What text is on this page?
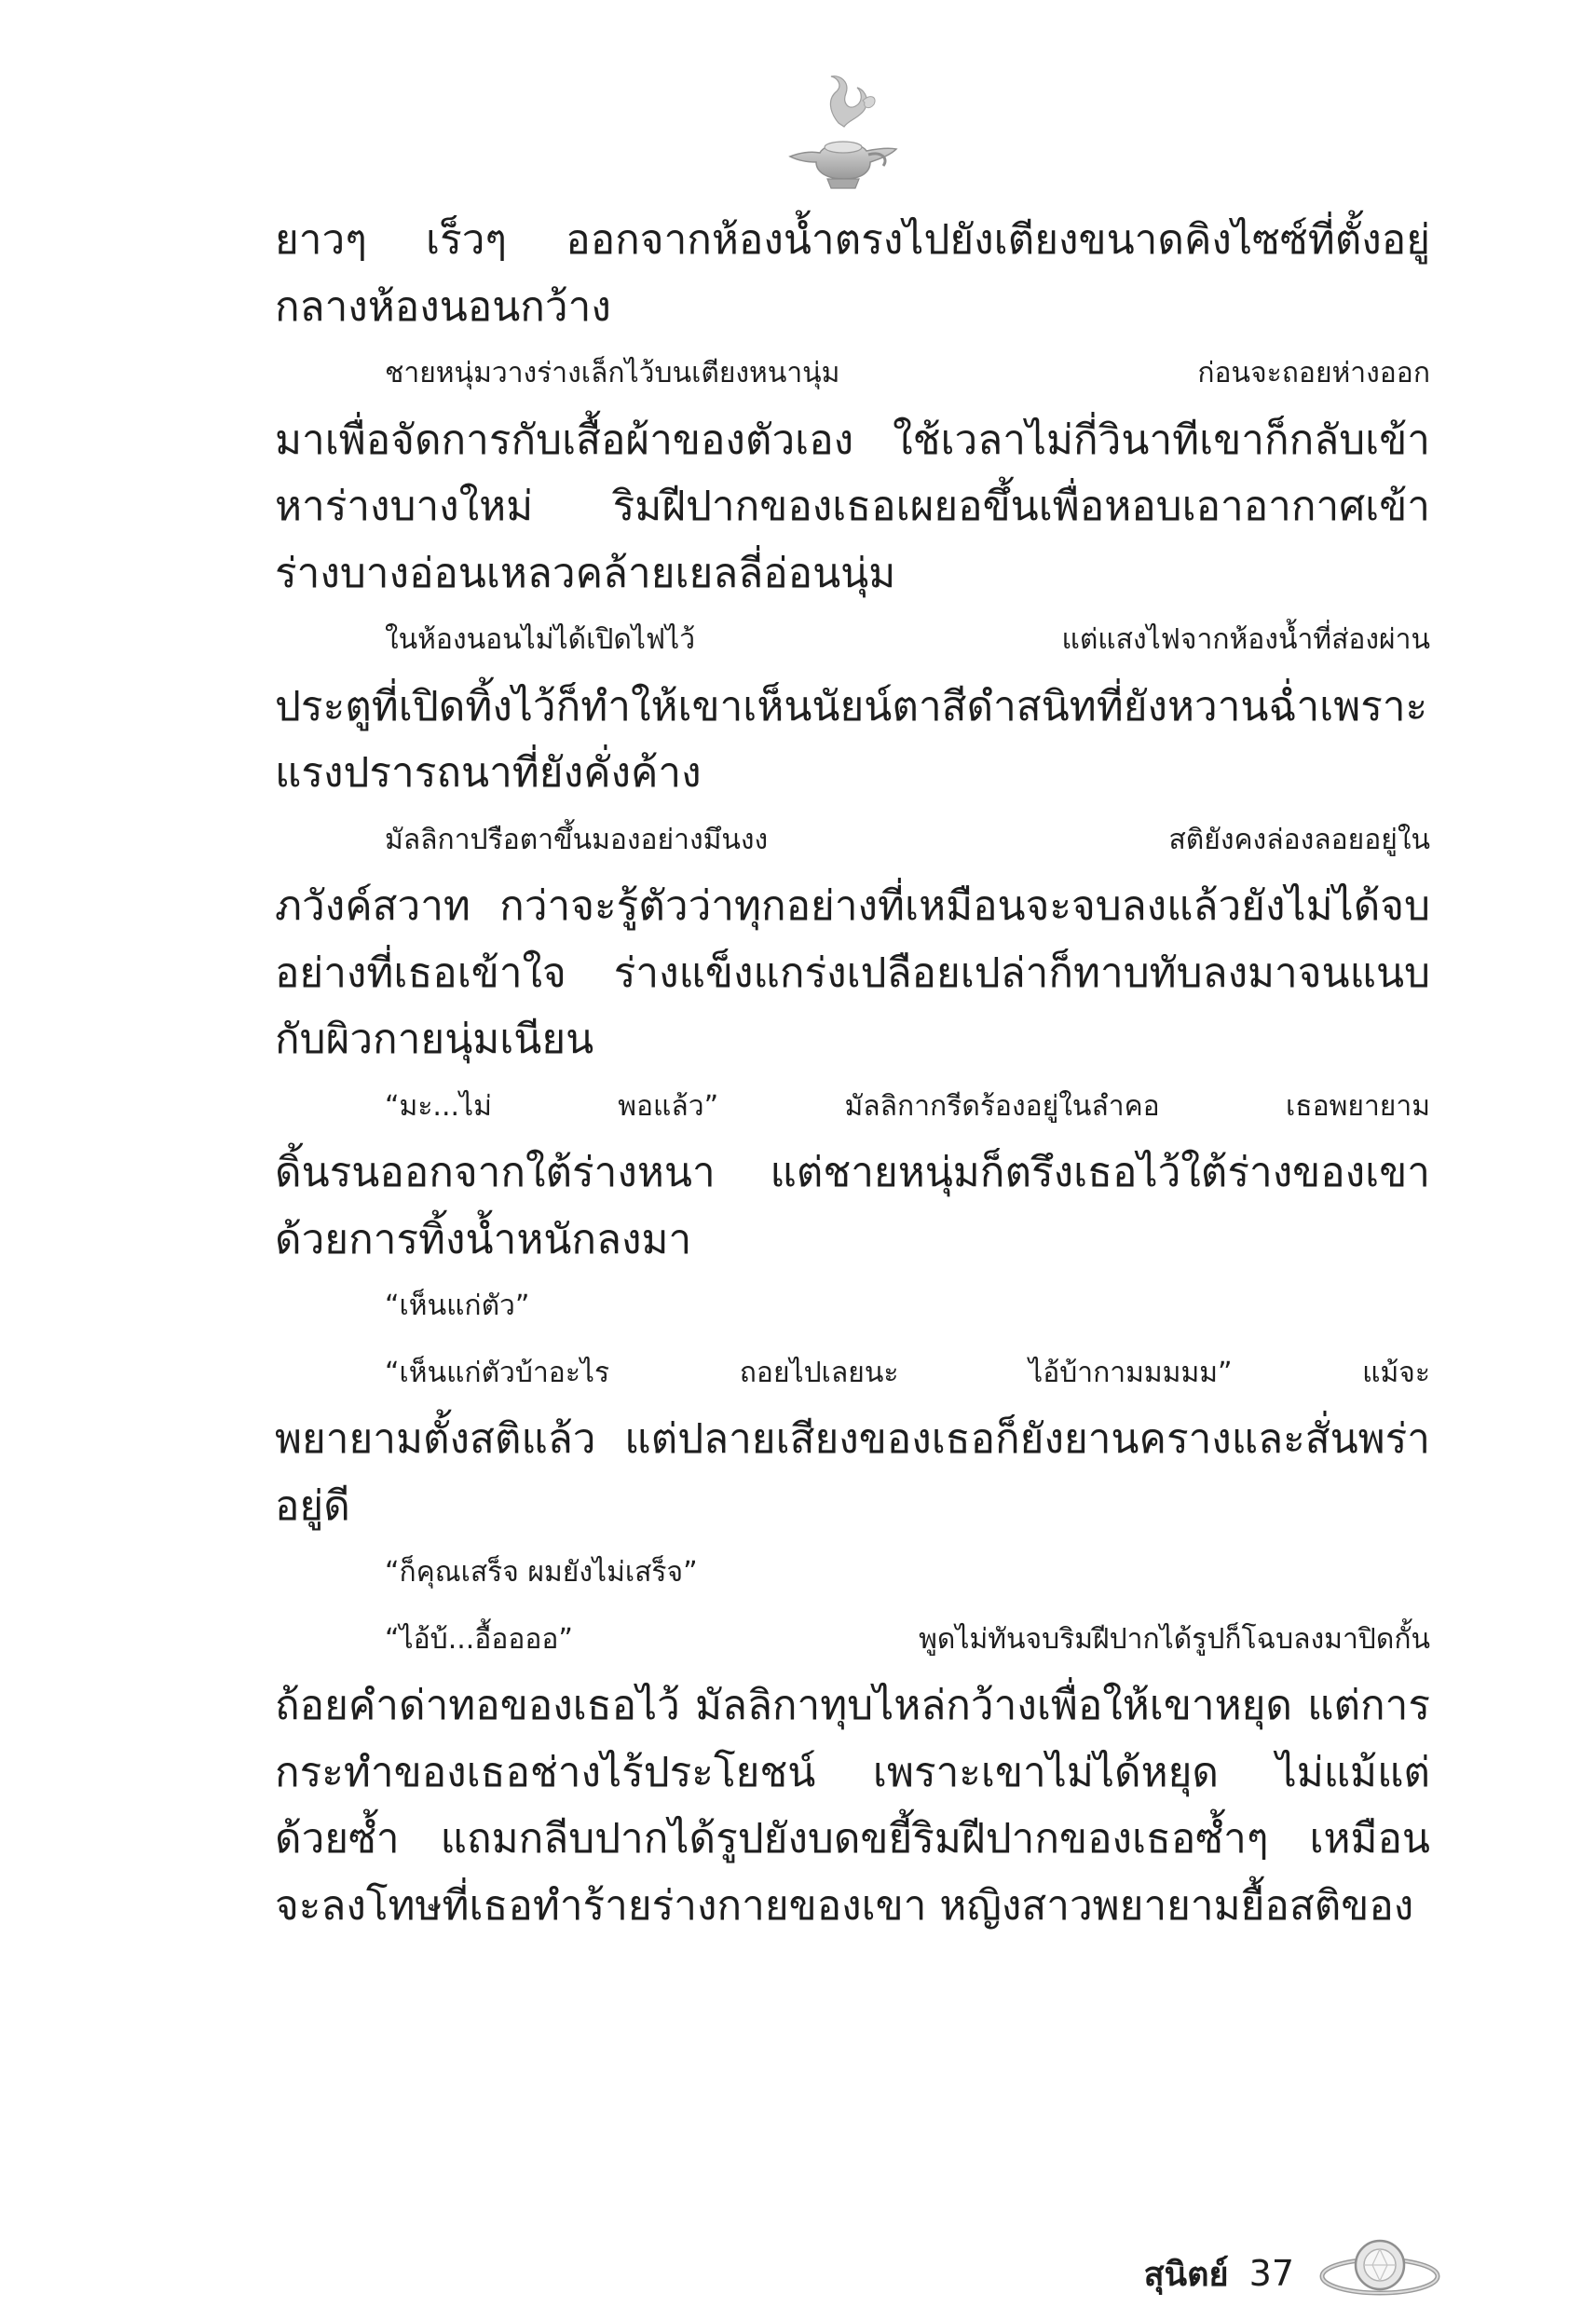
ยาวๆ เร็วๆ ออกจากห้องน้ำตรงไปยังเตียงขนาดคิงไซซ์ที่ตั้งอยู่
กลางห้องนอนกว้าง
ชายหนุ่มวางร่างเล็กไว้บนเตียงหนานุ่ม ก่อนจะถอยห่างออก
มาเพื่อจัดการกับเสื้อผ้าของตัวเอง ใช้เวลาไม่กี่วินาทีเขาก็กลับเข้า
หาร่างบางใหม่ ริมฝีปากของเธอเผยอขึ้นเพื่อหอบเอาอากาศเข้า
ร่างบางอ่อนเหลวคล้ายเยลลี่อ่อนนุ่ม
ในห้องนอนไม่ได้เปิดไฟไว้ แต่แสงไฟจากห้องน้ำที่ส่องผ่าน
ประตูที่เปิดทิ้งไว้ก็ทำให้เขาเห็นนัยน์ตาสีดำสนิทที่ยังหวานฉ่ำเพราะ
แรงปรารถนาที่ยังคั่งค้าง
มัลลิกาปรือตาขึ้นมองอย่างมึนงง สติยังคงล่องลอยอยู่ใน
ภวังค์สวาท กว่าจะรู้ตัวว่าทุกอย่างที่เหมือนจะจบลงแล้วยังไม่ได้จบ
อย่างที่เธอเข้าใจ ร่างแข็งแกร่งเปลือยเปล่าก็ทาบทับลงมาจนแนบ
กับผิวกายนุ่มเนียน
“มะ...ไม่ พอแล้ว” มัลลิกากรีดร้องอยู่ในลำคอ เธอพยายาม
ดิ้นรนออกจากใต้ร่างหนา แต่ชายหนุ่มก็ตรึงเธอไว้ใต้ร่างของเขา
ด้วยการทิ้งน้ำหนักลงมา
“เห็นแก่ตัว”
“เห็นแก่ตัวบ้าอะไร ถอยไปเลยนะ ไอ้บ้ากามมมมม” แม้จะ
พยายามตั้งสติแล้ว แต่ปลายเสียงของเธอก็ยังยานครางและสั่นพร่า
อยู่ดี
“ก็คุณเสร็จ ผมยังไม่เสร็จ”
“ไอ้บ้...อื้ออออ” พูดไม่ทันจบริมฝีปากได้รูปก็โฉบลงมาปิดกั้น
ถ้อยคำด่าทอของเธอไว้ มัลลิกาทุบไหล่กว้างเพื่อให้เขาหยุด แต่การ
กระทำของเธอช่างไร้ประโยชน์ เพราะเขาไม่ได้หยุด ไม่แม้แต่
ด้วยซ้ำ แถมกลีบปากได้รูปยังบดขยี้ริมฝีปากของเธอซ้ำๆ เหมือน
จะลงโทษที่เธอทำร้ายร่างกายของเขา หญิงสาวพยายามยื้อสติของ
สุนิตย์ 37
